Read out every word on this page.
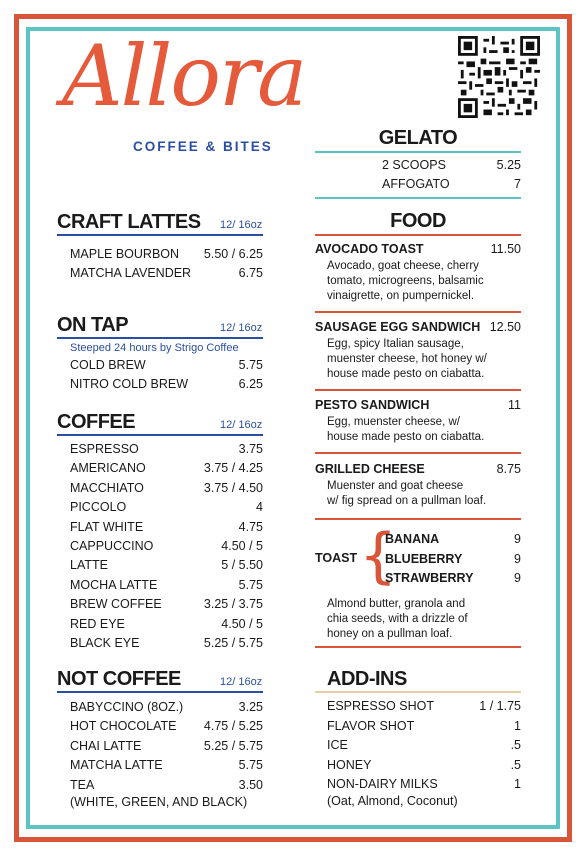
Allora
COFFEE & BITES
CRAFT LATTES 12/ 16oz
MAPLE BOURBON 5.50 / 6.25
MATCHA LAVENDER	6.75
ON TAP	12/ 16oz
Steeped 24 hours by Strigo Coffee
COLD BREW	5.75
NITRO COLD BREW	6.25
COFFEE	12/ 16oz
ESPRESSO	3.75
AMERICANO	3.75 / 4.25
MACCHIATO	3.75 / 4.50
PICCOLO	4
FLAT WHITE	4.75
CAPPUCCINO	4.50 / 5
LATTE	5 / 5.50
MOCHA LATTE	5.75
BREW COFFEE	3.25 / 3.75
RED EYE	4.50 / 5
BLACK EYE	5.25 / 5.75
NOT COFFEE	12/ 16oz
BABYCCINO (8OZ.)	3.25
HOT CHOCOLATE 4.75 / 5.25
CHAI LATTE	5.25 / 5.75
MATCHA LATTE	5.75
TEA	3.50
(WHITE, GREEN, AND BLACK)
GELATO
2 SCOOPS	5.25
AFFOGATO	7
FOOD
AVOCADO TOAST	11.50
Avocado, goat cheese, cherry
tomato, microgreens, balsamic
vinaigrette, on pumpernickel.
SAUSAGE EGG SANDWICH 12.50
Egg, spicy Italian sausage,
muenster cheese, hot honey w/
house made pesto on ciabatta.
PESTO SANDWICH	11
Egg, muenster cheese, w/
house made pesto on ciabatta.
GRILLED CHEESE	8.75
Muenster and goat cheese
w/ fig spread on a pullman loaf.
TOAST {
BANANA	9
BLUEBERRY	9
STRAWBERRY	9
Almond butter, granola and
chia seeds, with a drizzle of
honey on a pullman loaf.
ADD-INS
ESPRESSO SHOT	1 / 1.75
FLAVOR SHOT	1
ICE	.5
HONEY	.5
NON-DAIRY MILKS	1
(Oat, Almond, Coconut)
